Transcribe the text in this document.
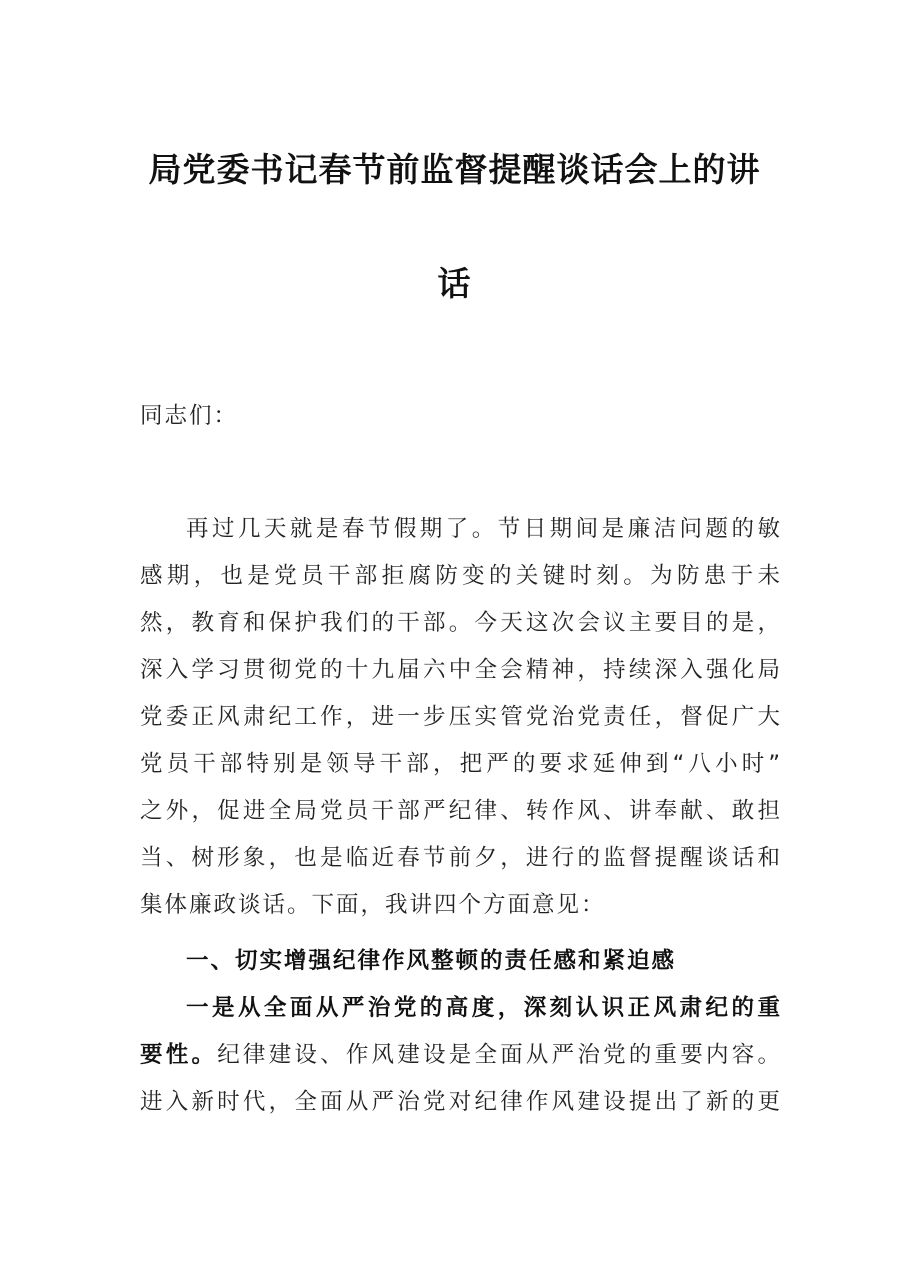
局党委书记春节前监督提醒谈话会上的讲
话
同志们：
再过几天就是春节假期了。节日期间是廉洁问题的敏
感期，也是党员干部拒腐防变的关键时刻。为防患于未
然，教育和保护我们的干部。今天这次会议主要目的是，
深入学习贯彻党的十九届六中全会精神，持续深入强化局
党委正风肃纪工作，进一步压实管党治党责任，督促广大
党员干部特别是领导干部，把严的要求延伸到“八小时”
之外，促进全局党员干部严纪律、转作风、讲奉献、敢担
当、树形象，也是临近春节前夕，进行的监督提醒谈话和
集体廉政谈话。下面，我讲四个方面意见：
一、切实增强纪律作风整顿的责任感和紧迫感
一是从全面从严治党的高度，深刻认识正风肃纪的重
要性。纪律建设、作风建设是全面从严治党的重要内容。
进入新时代，全面从严治党对纪律作风建设提出了新的更
